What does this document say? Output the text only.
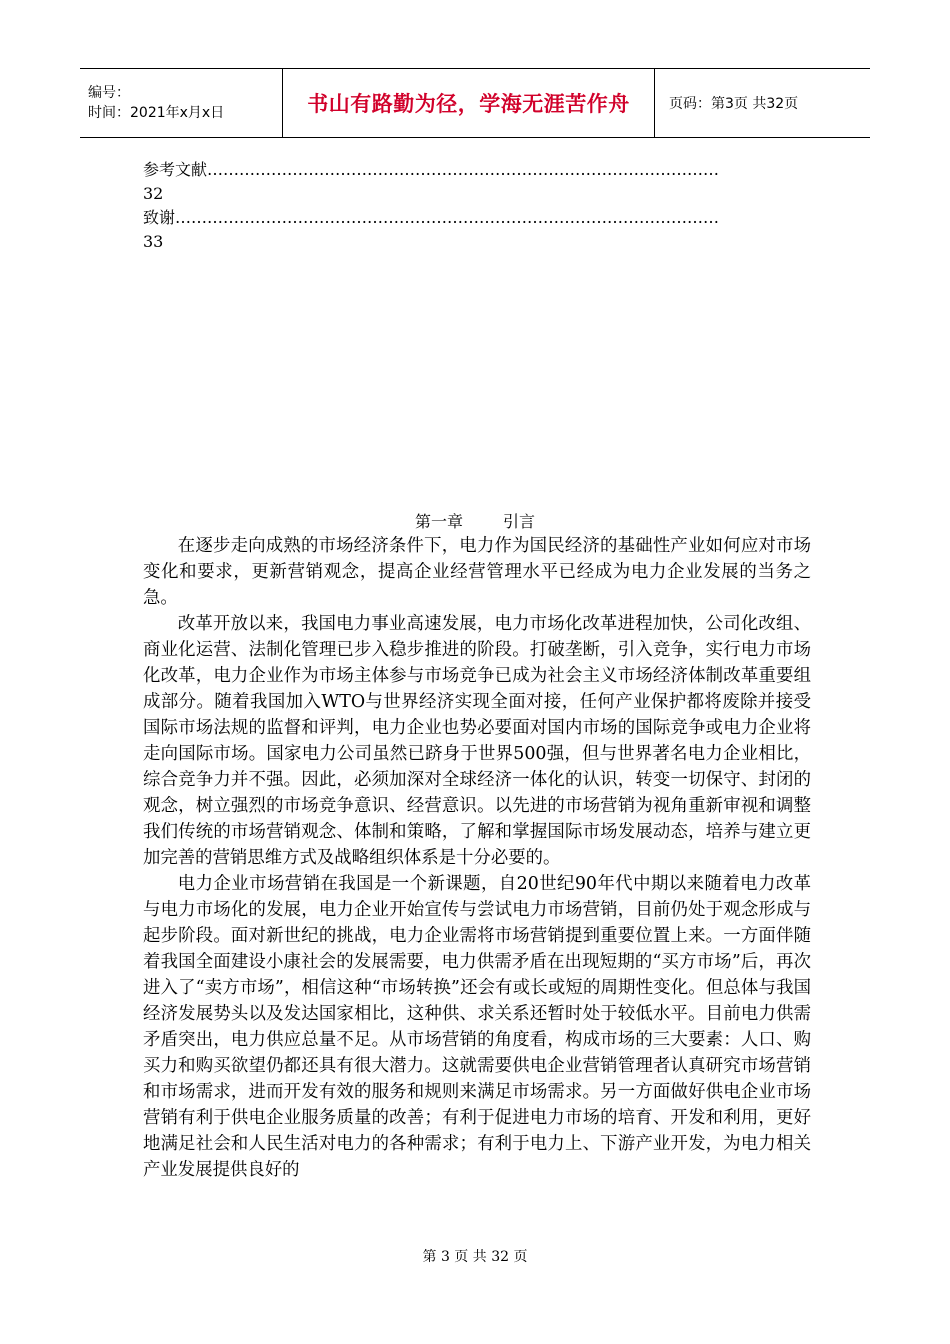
编号：
时间：2021年x月x日	书山有路勤为径，学海无涯苦作舟	页码：第3页 共32页
参考文献……………………………………………………………………………………
32
致谢…………………………………………………………………………………………
33
第一章	引言

在逐步走向成熟的市场经济条件下，电力作为国民经济的基础性产业如何应对市场变化和要求，更新营销观念，提高企业经营管理水平已经成为电力企业发展的当务之急。

改革开放以来，我国电力事业高速发展，电力市场化改革进程加快，公司化改组、商业化运营、法制化管理已步入稳步推进的阶段。打破垄断，引入竞争，实行电力市场化改革，电力企业作为市场主体参与市场竞争已成为社会主义市场经济体制改革重要组成部分。随着我国加入WTO与世界经济实现全面对接，任何产业保护都将废除并接受国际市场法规的监督和评判，电力企业也势必要面对国内市场的国际竞争或电力企业将走向国际市场。国家电力公司虽然已跻身于世界500强，但与世界著名电力企业相比，综合竞争力并不强。因此，必须加深对全球经济一体化的认识，转变一切保守、封闭的观念，树立强烈的市场竞争意识、经营意识。以先进的市场营销为视角重新审视和调整我们传统的市场营销观念、体制和策略，了解和掌握国际市场发展动态，培养与建立更加完善的营销思维方式及战略组织体系是十分必要的。

电力企业市场营销在我国是一个新课题，自20世纪90年代中期以来随着电力改革与电力市场化的发展，电力企业开始宣传与尝试电力市场营销，目前仍处于观念形成与起步阶段。面对新世纪的挑战，电力企业需将市场营销提到重要位置上来。一方面伴随着我国全面建设小康社会的发展需要，电力供需矛盾在出现短期的“买方市场”后，再次进入了“卖方市场”，相信这种“市场转换”还会有或长或短的周期性变化。但总体与我国经济发展势头以及发达国家相比，这种供、求关系还暂时处于较低水平。目前电力供需矛盾突出，电力供应总量不足。从市场营销的角度看，构成市场的三大要素：人口、购买力和购买欲望仍都还具有很大潜力。这就需要供电企业营销管理者认真研究市场营销和市场需求，进而开发有效的服务和规则来满足市场需求。另一方面做好供电企业市场营销有利于供电企业服务质量的改善；有利于促进电力市场的培育、开发和利用，更好地满足社会和人民生活对电力的各种需求；有利于电力上、下游产业开发，为电力相关产业发展提供良好的

第 3 页 共 32 页
